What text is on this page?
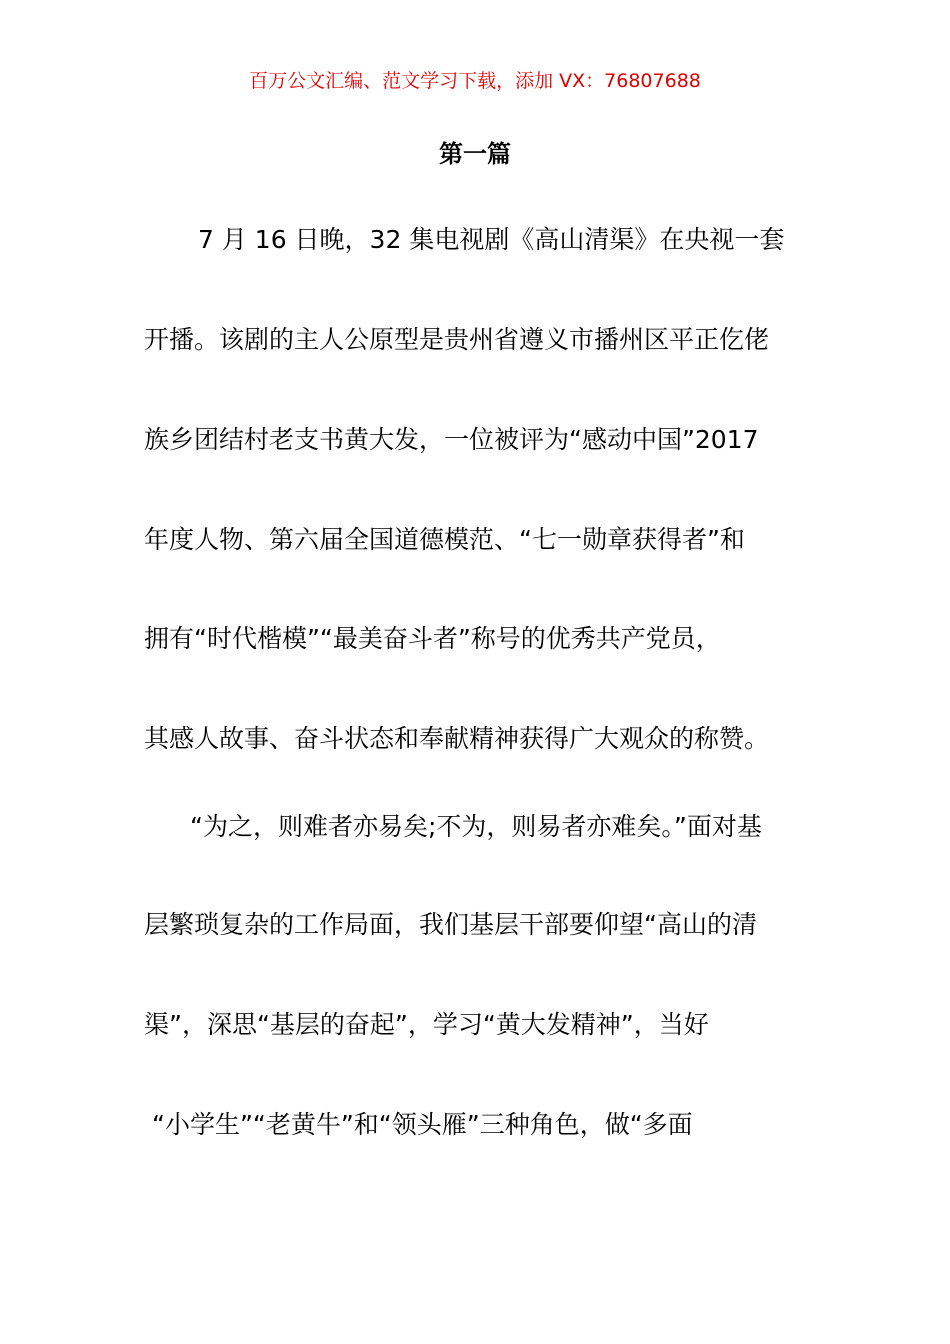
百万公文汇编、范文学习下载，添加 VX：76807688
第一篇
7 月 16 日晚，32 集电视剧《高山清渠》在央视一套
开播。该剧的主人公原型是贵州省遵义市播州区平正仡佬
族乡团结村老支书黄大发，一位被评为“感动中国”2017
年度人物、第六届全国道德模范、“七一勋章获得者”和
拥有“时代楷模”“最美奋斗者”称号的优秀共产党员，
其感人故事、奋斗状态和奉献精神获得广大观众的称赞。
“为之，则难者亦易矣;不为，则易者亦难矣。”面对基
层繁琐复杂的工作局面，我们基层干部要仰望“高山的清
渠”，深思“基层的奋起”，学习“黄大发精神”，当好
“小学生”“老黄牛”和“领头雁”三种角色，做“多面
